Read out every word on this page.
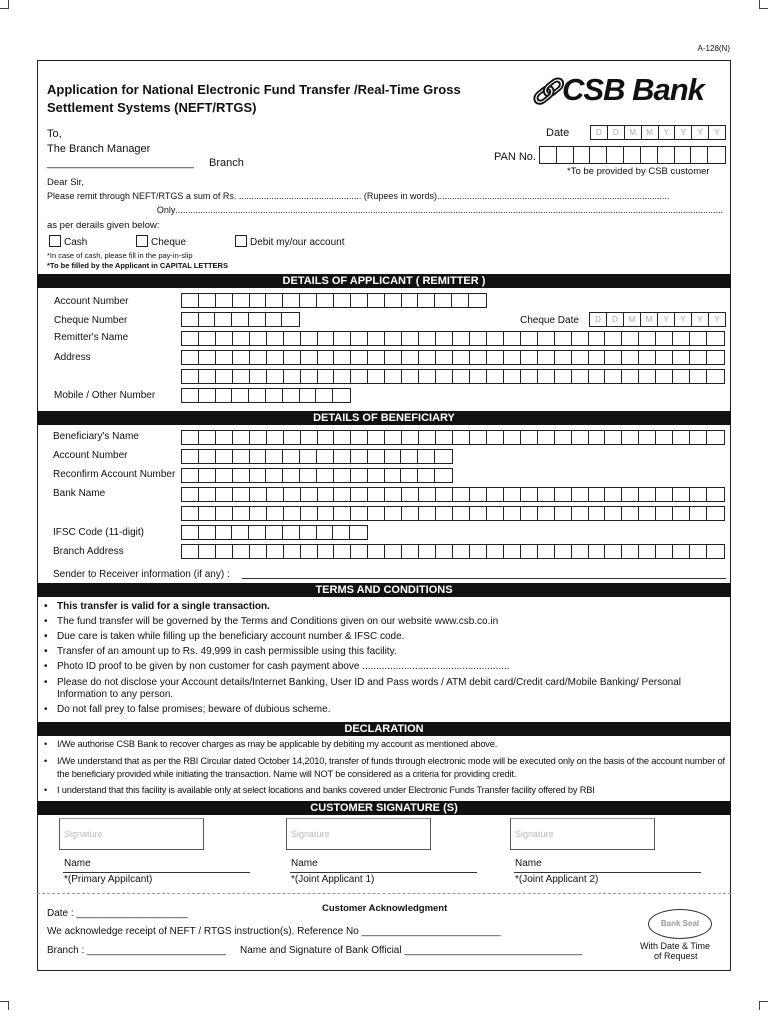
A-128(N)
Application for National Electronic Fund Transfer /Real-Time Gross
Settlement Systems (NEFT/RTGS)
🔗︎CSB Bank
To,
The Branch Manager
________________________ Branch
Date	D	D	M	M	Y	Y	Y	Y
PAN No.
*To be provided by CSB customer
Dear Sir,
Please remit through NEFT/RTGS a sum of Rs. ................................................. (Rupees in words).............................................................................................
...........................................................................................................................................................................................................................Only
as per derails given below:
Cash	Cheque	Debit my/our account
*In case of cash, please fill in the pay-in-slip
*To be filled by the Applicant in CAPITAL LETTERS
DETAILS OF APPLICANT ( REMITTER )
Account Number
Cheque Number	Cheque Date	D	D	M	M	Y	Y	Y	Y
Remitter's Name
Address
Mobile / Other Number
DETAILS OF BENEFICIARY
Beneficiary's Name
Account Number
Reconfirm Account Number
Bank Name
IFSC Code (11-digit)
Branch Address
Sender to Receiver information (if any) :
TERMS AND CONDITIONS
• This transfer is valid for a single transaction.
• The fund transfer will be governed by the Terms and Conditions given on our website www.csb.co.in
• Due care is taken while filling up the beneficiary account number & IFSC code.
• Transfer of an amount up to Rs. 49,999 in cash permissible using this facility.
• Photo ID proof to be given by non customer for cash payment above .....................................................
• Please do not disclose your Account details/Internet Banking, User ID and Pass words / ATM debit card/Credit card/Mobile Banking/ Personal Information to any person.
• Do not fall prey to false promises; beware of dubious scheme.
DECLARATION
• I/We authorise CSB Bank to recover charges as may be applicable by debiting my account as mentioned above.
• I/We understand that as per the RBI Circular dated October 14,2010, transfer of funds through electronic mode will be executed only on the basis of the account number of the beneficiary provided while initiating the transaction. Name will NOT be considered as a criteria for providing credit.
• I understand that this facility is available only at select locations and banks covered under Electronic Funds Transfer facility offered by RBI
CUSTOMER SIGNATURE (S)
Signature	Signature	Signature
Name	Name	Name
*(Primary Appilcant)	*(Joint Applicant 1)	*(Joint Applicant 2)
Customer Acknowledgment
Date : ____________________
We acknowledge receipt of NEFT / RTGS instruction(s). Reference No _________________________
Branch : _________________________ Name and Signature of Bank Official ________________________________
Bank Seal
With Date & Time
of Request
